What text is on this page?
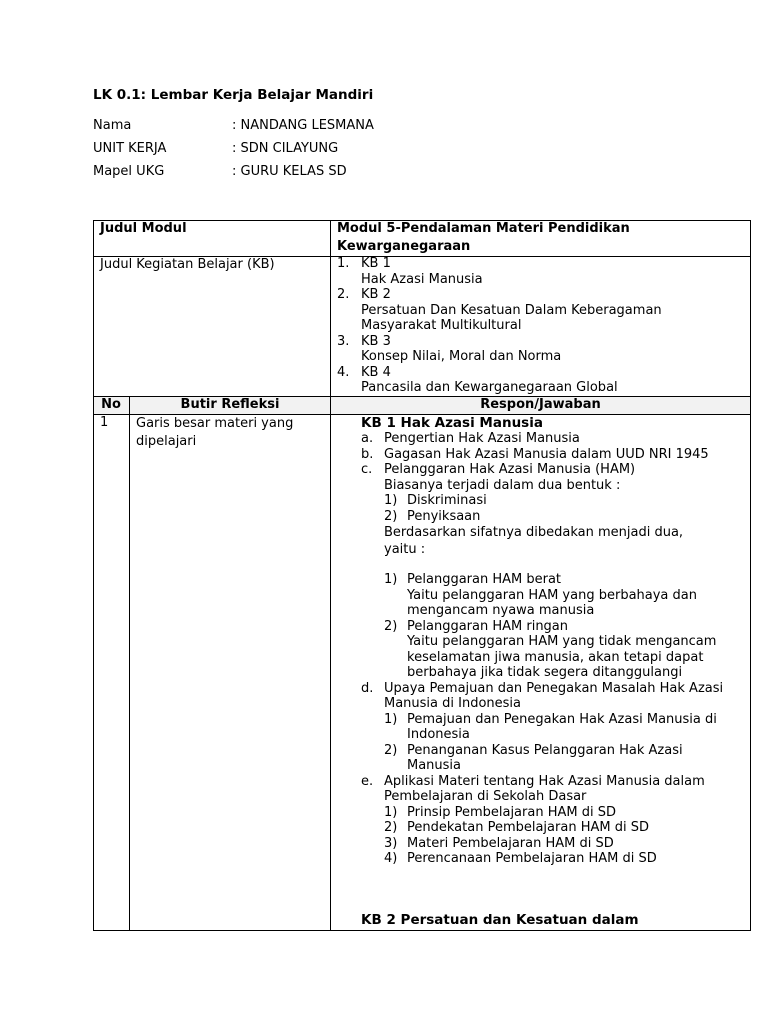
LK 0.1: Lembar Kerja Belajar Mandiri
Nama	: NANDANG LESMANA
UNIT KERJA	: SDN CILAYUNG
Mapel UKG	: GURU KELAS SD
Judul Modul	Modul 5-Pendalaman Materi Pendidikan Kewarganegaraan
Judul Kegiatan Belajar (KB)	1. KB 1
Hak Azasi Manusia
2. KB 2
Persatuan Dan Kesatuan Dalam Keberagaman Masyarakat Multikultural
3. KB 3
Konsep Nilai, Moral dan Norma
4. KB 4
Pancasila dan Kewarganegaraan Global
No	Butir Refleksi	Respon/Jawaban
1 Garis besar materi yang dipelajari
KB 1 Hak Azasi Manusia
a. Pengertian Hak Azasi Manusia
b. Gagasan Hak Azasi Manusia dalam UUD NRI 1945
c. Pelanggaran Hak Azasi Manusia (HAM)
Biasanya terjadi dalam dua bentuk :
1) Diskriminasi
2) Penyiksaan
Berdasarkan sifatnya dibedakan menjadi dua, yaitu :
1) Pelanggaran HAM berat
Yaitu pelanggaran HAM yang berbahaya dan mengancam nyawa manusia
2) Pelanggaran HAM ringan
Yaitu pelanggaran HAM yang tidak mengancam keselamatan jiwa manusia, akan tetapi dapat berbahaya jika tidak segera ditanggulangi
d. Upaya Pemajuan dan Penegakan Masalah Hak Azasi Manusia di Indonesia
1) Pemajuan dan Penegakan Hak Azasi Manusia di Indonesia
2) Penanganan Kasus Pelanggaran Hak Azasi Manusia
e. Aplikasi Materi tentang Hak Azasi Manusia dalam Pembelajaran di Sekolah Dasar
1) Prinsip Pembelajaran HAM di SD
2) Pendekatan Pembelajaran HAM di SD
3) Materi Pembelajaran HAM di SD
4) Perencanaan Pembelajaran HAM di SD
KB 2 Persatuan dan Kesatuan dalam
